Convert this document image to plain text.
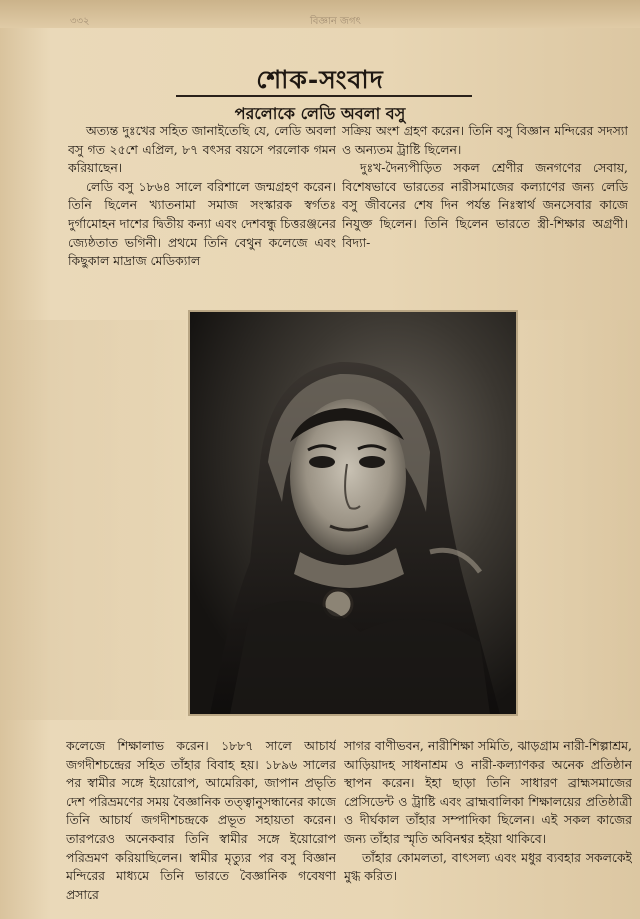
৩৩২	বিজ্ঞান জগৎ
শোক-সংবাদ
পরলোকে লেডি অবলা বসু

অত্যন্ত দুঃখের সহিত জানাইতেছি যে, লেডি অবলা বসু গত ২৫শে এপ্রিল, ৮৭ বৎসর বয়সে পরলোক গমন করিয়াছেন।

লেডি বসু ১৮৬৪ সালে বরিশালে জন্মগ্রহণ করেন। তিনি ছিলেন খ্যাতনামা সমাজ সংস্কারক স্বর্গতঃ দুর্গামোহন দাশের দ্বিতীয় কন্যা এবং দেশবন্ধু চিত্তরঞ্জনের জ্যেষ্ঠতাত ভগিনী। প্রথমে তিনি বেথুন কলেজে এবং কিছুকাল মাদ্রাজ মেডিক্যাল

সক্রিয় অংশ গ্রহণ করেন। তিনি বসু বিজ্ঞান মন্দিরের সদস্যা ও অন্যতম ট্রাষ্টি ছিলেন।

দুঃখ-দৈন্যপীড়িত সকল শ্রেণীর জনগণের সেবায়, বিশেষভাবে ভারতের নারীসমাজের কল্যাণের জন্য লেডি বসু জীবনের শেষ দিন পর্যন্ত নিঃস্বার্থ জনসেবার কাজে নিযুক্ত ছিলেন। তিনি ছিলেন ভারতে স্ত্রী-শিক্ষার অগ্রণী। বিদ্যা-

কলেজে শিক্ষালাভ করেন। ১৮৮৭ সালে আচার্য জগদীশচন্দ্রের সহিত তাঁহার বিবাহ হয়। ১৮৯৬ সালের পর স্বামীর সঙ্গে ইয়োরোপ, আমেরিকা, জাপান প্রভৃতি দেশ পরিভ্রমণের সময় বৈজ্ঞানিক তত্ত্বানুসন্ধানের কাজে তিনি আচার্য জগদীশচন্দ্রকে প্রভূত সহায়তা করেন। তারপরেও অনেকবার তিনি স্বামীর সঙ্গে ইয়োরোপ পরিভ্রমণ করিয়াছিলেন। স্বামীর মৃত্যুর পর বসু বিজ্ঞান মন্দিরের মাধ্যমে তিনি ভারতে বৈজ্ঞানিক গবেষণা প্রসারে

সাগর বাণীভবন, নারীশিক্ষা সমিতি, ঝাড়গ্রাম নারী-শিল্পাশ্রম, আড়িয়াদহ সাধনাশ্রম ও নারী-কল্যাণকর অনেক প্রতিষ্ঠান স্থাপন করেন। ইহা ছাড়া তিনি সাধারণ ব্রাহ্মসমাজের প্রেসিডেন্ট ও ট্রাষ্টি এবং ব্রাহ্মবালিকা শিক্ষালয়ের প্রতিষ্ঠাত্রী ও দীর্ঘকাল তাঁহার সম্পাদিকা ছিলেন। এই সকল কাজের জন্য তাঁহার স্মৃতি অবিনশ্বর হইয়া থাকিবে।

তাঁহার কোমলতা, বাৎসল্য এবং মধুর ব্যবহার সকলকেই মুগ্ধ করিত।
